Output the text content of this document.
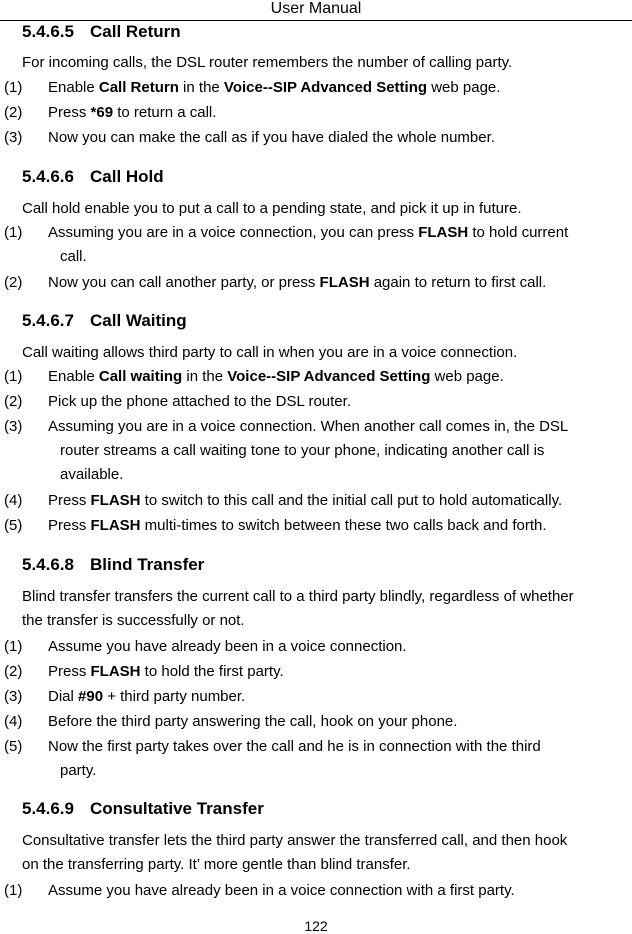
User Manual
5.4.6.5 Call Return
For incoming calls, the DSL router remembers the number of calling party.
(1) Enable Call Return in the Voice--SIP Advanced Setting web page.
(2) Press *69 to return a call.
(3) Now you can make the call as if you have dialed the whole number.
5.4.6.6 Call Hold
Call hold enable you to put a call to a pending state, and pick it up in future.
(1) Assuming you are in a voice connection, you can press FLASH to hold current
call.
(2) Now you can call another party, or press FLASH again to return to first call.
5.4.6.7 Call Waiting
Call waiting allows third party to call in when you are in a voice connection.
(1) Enable Call waiting in the Voice--SIP Advanced Setting web page.
(2) Pick up the phone attached to the DSL router.
(3) Assuming you are in a voice connection. When another call comes in, the DSL
router streams a call waiting tone to your phone, indicating another call is
available.
(4) Press FLASH to switch to this call and the initial call put to hold automatically.
(5) Press FLASH multi-times to switch between these two calls back and forth.
5.4.6.8 Blind Transfer
Blind transfer transfers the current call to a third party blindly, regardless of whether
the transfer is successfully or not.
(1) Assume you have already been in a voice connection.
(2) Press FLASH to hold the first party.
(3) Dial #90 + third party number.
(4) Before the third party answering the call, hook on your phone.
(5) Now the first party takes over the call and he is in connection with the third
party.
5.4.6.9 Consultative Transfer
Consultative transfer lets the third party answer the transferred call, and then hook
on the transferring party. It’ more gentle than blind transfer.
(1) Assume you have already been in a voice connection with a first party.
122
